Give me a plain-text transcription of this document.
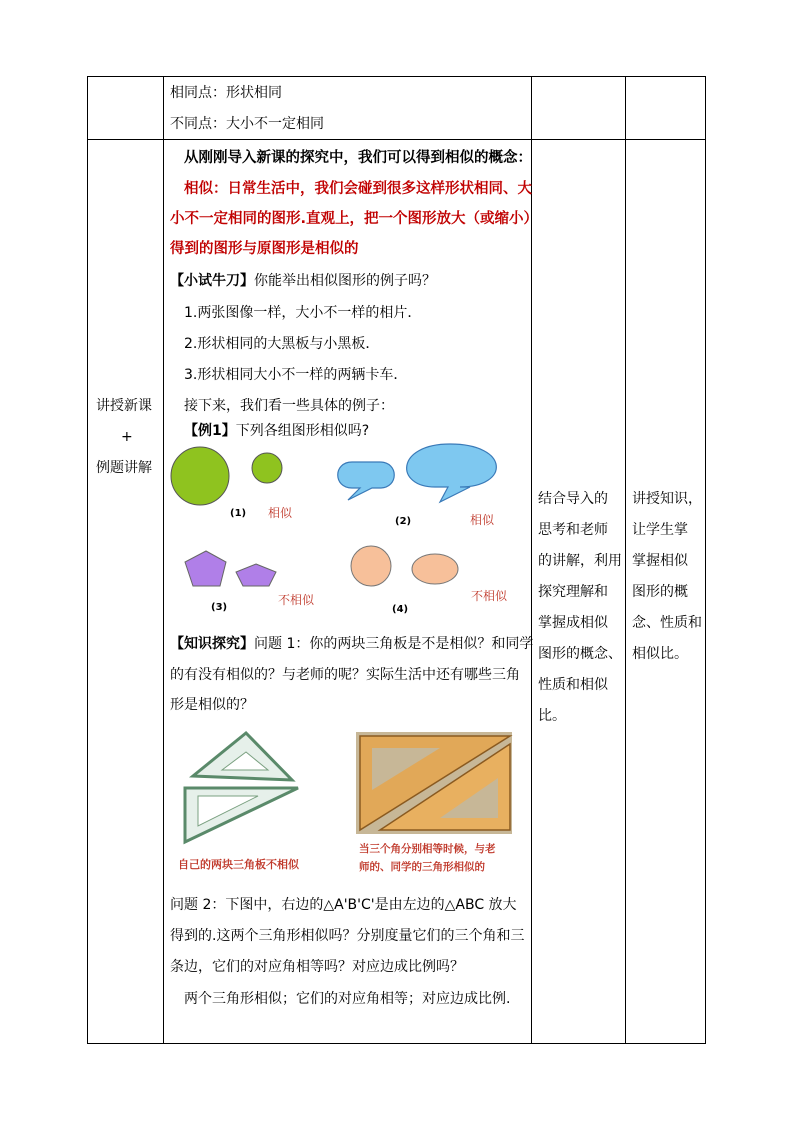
相同点：形状相同
不同点：大小不一定相同
讲授新课
+
例题讲解
从刚刚导入新课的探究中，我们可以得到相似的概念：
相似：日常生活中，我们会碰到很多这样形状相同、大
小不一定相同的图形.直观上，把一个图形放大（或缩小）
得到的图形与原图形是相似的
【小试牛刀】你能举出相似图形的例子吗？
1.两张图像一样，大小不一样的相片．
2.形状相同的大黑板与小黑板．
3.形状相同大小不一样的两辆卡车．
接下来，我们看一些具体的例子：
【例1】下列各组图形相似吗?
(1) 相似
(2)	相似
(3)
不相似
(4)
不相似
【知识探究】问题 1：你的两块三角板是不是相似？和同学
的有没有相似的？与老师的呢？实际生活中还有哪些三角
形是相似的？
自己的两块三角板不相似
当三个角分别相等时候，与老
师的、同学的三角形相似的
问题 2：下图中，右边的△A'B'C'是由左边的△ABC 放大
得到的.这两个三角形相似吗？分别度量它们的三个角和三
条边，它们的对应角相等吗？对应边成比例吗？
两个三角形相似；它们的对应角相等；对应边成比例.
结合导入的
思考和老师
的讲解，利用
探究理解和
掌握成相似
图形的概念、
性质和相似
比。
讲授知识，
让学生掌
掌握相似
图形的概
念、性质和
相似比。
